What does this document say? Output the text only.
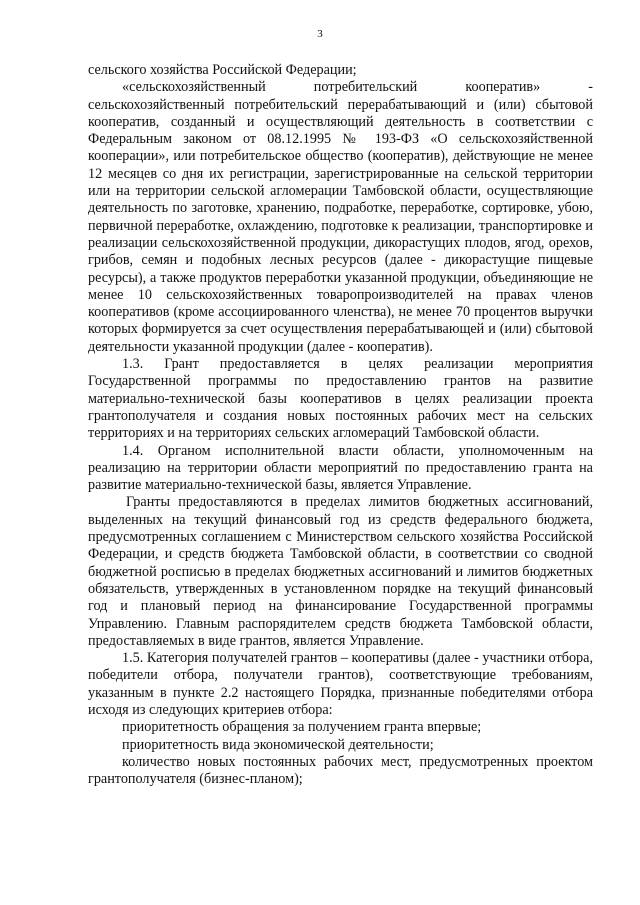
3

сельского хозяйства Российской Федерации;

«сельскохозяйственный потребительский кооператив» - сельскохозяйственный потребительский перерабатывающий и (или) сбытовой кооператив, созданный и осуществляющий деятельность в соответствии с Федеральным законом от 08.12.1995 № 193-ФЗ «О сельскохозяйственной кооперации», или потребительское общество (кооператив), действующие не менее 12 месяцев со дня их регистрации, зарегистрированные на сельской территории или на территории сельской агломерации Тамбовской области, осуществляющие деятельность по заготовке, хранению, подработке, переработке, сортировке, убою, первичной переработке, охлаждению, подготовке к реализации, транспортировке и реализации сельскохозяйственной продукции, дикорастущих плодов, ягод, орехов, грибов, семян и подобных лесных ресурсов (далее - дикорастущие пищевые ресурсы), а также продуктов переработки указанной продукции, объединяющие не менее 10 сельскохозяйственных товаропроизводителей на правах членов кооперативов (кроме ассоциированного членства), не менее 70 процентов выручки которых формируется за счет осуществления перерабатывающей и (или) сбытовой деятельности указанной продукции (далее - кооператив).

1.3. Грант предоставляется в целях реализации мероприятия Государственной программы по предоставлению грантов на развитие материально-технической базы кооперативов в целях реализации проекта грантополучателя и создания новых постоянных рабочих мест на сельских территориях и на территориях сельских агломераций Тамбовской области.

1.4. Органом исполнительной власти области, уполномоченным на реализацию на территории области мероприятий по предоставлению гранта на развитие материально-технической базы, является Управление.

Гранты предоставляются в пределах лимитов бюджетных ассигнований, выделенных на текущий финансовый год из средств федерального бюджета, предусмотренных соглашением с Министерством сельского хозяйства Российской Федерации, и средств бюджета Тамбовской области, в соответствии со сводной бюджетной росписью в пределах бюджетных ассигнований и лимитов бюджетных обязательств, утвержденных в установленном порядке на текущий финансовый год и плановый период на финансирование Государственной программы Управлению. Главным распорядителем средств бюджета Тамбовской области, предоставляемых в виде грантов, является Управление.

1.5. Категория получателей грантов – кооперативы (далее - участники отбора, победители отбора, получатели грантов), соответствующие требованиям, указанным в пункте 2.2 настоящего Порядка, признанные победителями отбора исходя из следующих критериев отбора:

приоритетность обращения за получением гранта впервые;

приоритетность вида экономической деятельности;

количество новых постоянных рабочих мест, предусмотренных проектом грантополучателя (бизнес-планом);
